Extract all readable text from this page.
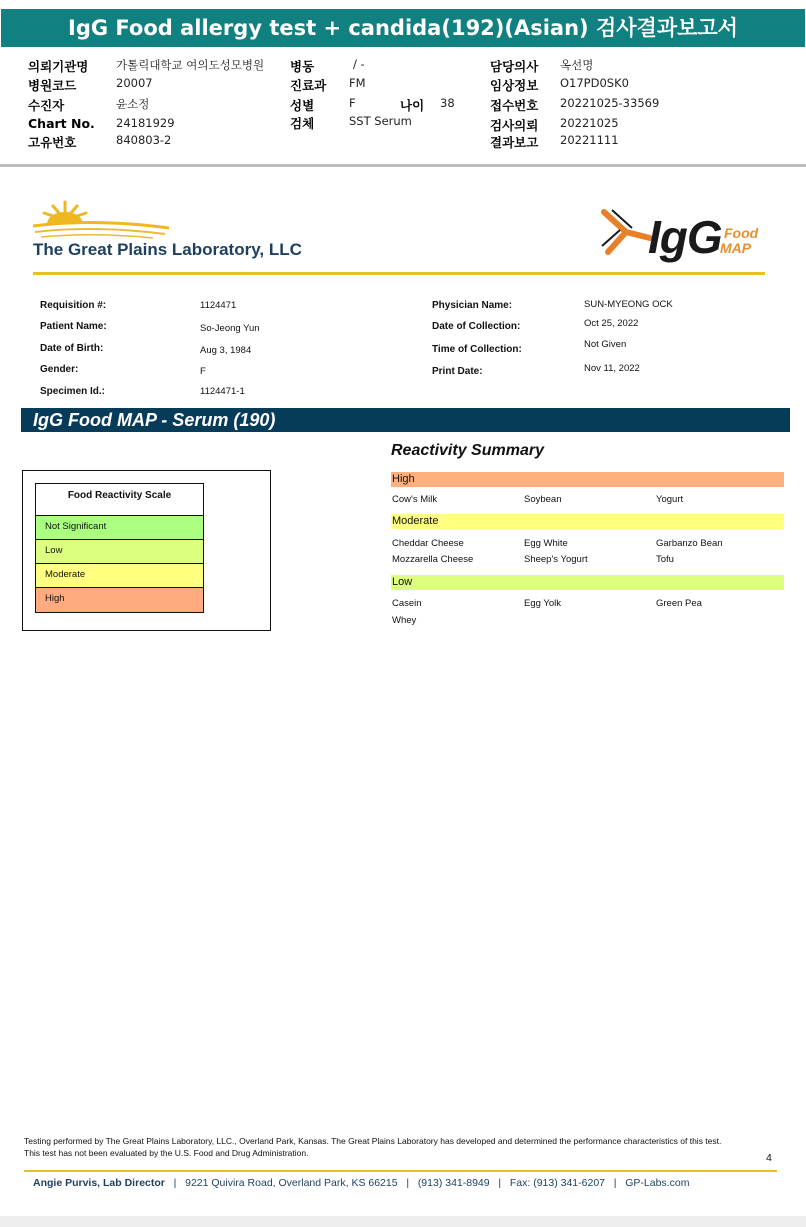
IgG Food allergy test + candida(192)(Asian) 검사결과보고서
의뢰기관명 가톨릭대학교 여의도성모병원
병원코드	20007
수진자	윤소정
Chart No. 24181929
고유번호	840803-2
병동	/ -
진료과 FM
성별	F	나이 38
검체	SST Serum
담당의사 옥선명
임상정보 O17PD0SK0
접수번호 20221025-33569
검사의뢰 20221025
결과보고 20221111
The Great Plains Laboratory, LLC	IgG Food
MAP
Requisition #:	1124471
Patient Name:	So-Jeong Yun
Date of Birth:	Aug 3, 1984
Gender:	F
Specimen Id.:	1124471-1
Physician Name:	SUN-MYEONG OCK
Date of Collection:	Oct 25, 2022
Time of Collection:	Not Given
Print Date:	Nov 11, 2022
IgG Food MAP - Serum (190)
Food Reactivity Scale
Not Significant
Low
Moderate
High
Reactivity Summary
High
Cow's Milk	Soybean	Yogurt
Moderate
Cheddar Cheese	Egg White	Garbanzo Bean
Mozzarella Cheese	Sheep's Yogurt	Tofu
Low
Casein	Egg Yolk	Green Pea
Whey
Testing performed by The Great Plains Laboratory, LLC., Overland Park, Kansas. The Great Plains Laboratory has developed and determined the performance characteristics of this test. This test has not been evaluated by the U.S. Food and Drug Administration.	4
Angie Purvis, Lab Director   |   9221 Quivira Road, Overland Park, KS 66215   |   (913) 341-8949   |   Fax: (913) 341-6207   |   GP-Labs.com
